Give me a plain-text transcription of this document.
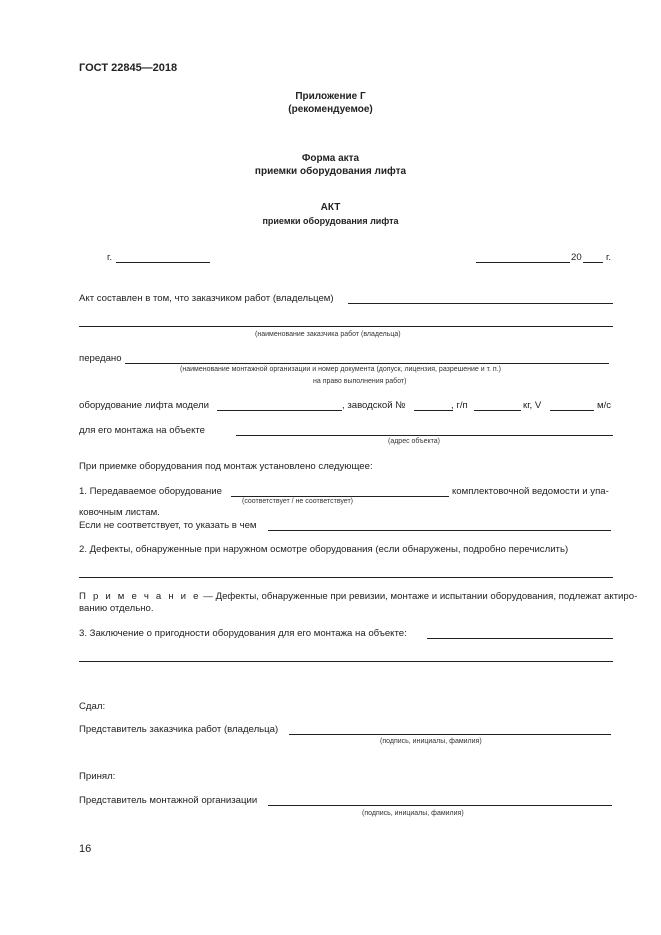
ГОСТ 22845—2018
Приложение Г
(рекомендуемое)
Форма акта
приемки оборудования лифта
АКТ
приемки оборудования лифта
г.	20	г.
Акт составлен в том, что заказчиком работ (владельцем)
(наименование заказчика работ (владельца)
передано
(наименование монтажной организации и номер документа (допуск, лицензия, разрешение и т. п.)
на право выполнения работ)
оборудование лифта модели	, заводской №	, г/п	кг, V	м/с
для его монтажа на объекте
(адрес объекта)
При приемке оборудования под монтаж установлено следующее:
1. Передаваемое оборудование	комплектовочной ведомости и упа-
(соответствует / не соответствует)
ковочным листам.
Если не соответствует, то указать в чем
2. Дефекты, обнаруженные при наружном осмотре оборудования (если обнаружены, подробно перечислить)
П р и м е ч а н и е — Дефекты, обнаруженные при ревизии, монтаже и испытании оборудования, подлежат актиро-
ванию отдельно.
3. Заключение о пригодности оборудования для его монтажа на объекте:
Сдал:
Представитель заказчика работ (владельца)
(подпись, инициалы, фамилия)
Принял:
Представитель монтажной организации
(подпись, инициалы, фамилия)
16
